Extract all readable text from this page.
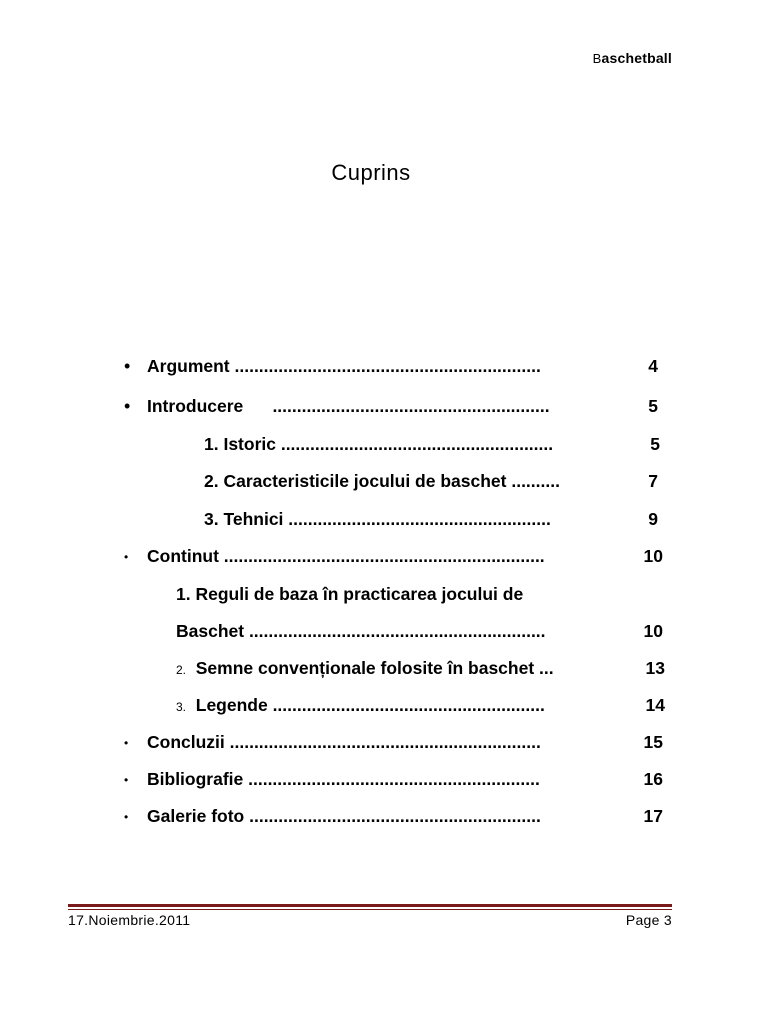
Baschetball
Cuprins
• Argument ...............................................................	4
• Introducere      .........................................................	5
1. Istoric ........................................................	5
2. Caracteristicile jocului de baschet ..........	7
3. Tehnici ......................................................	9
• Continut ..................................................................	10
1. Reguli de baza în practicarea jocului de
Baschet .............................................................	10
2. Semne convenționale folosite în baschet ...	13
3. Legende ........................................................	14
• Concluzii ................................................................	15
• Bibliografie ............................................................	16
• Galerie foto ............................................................	17
17.Noiembrie.2011	Page 3
